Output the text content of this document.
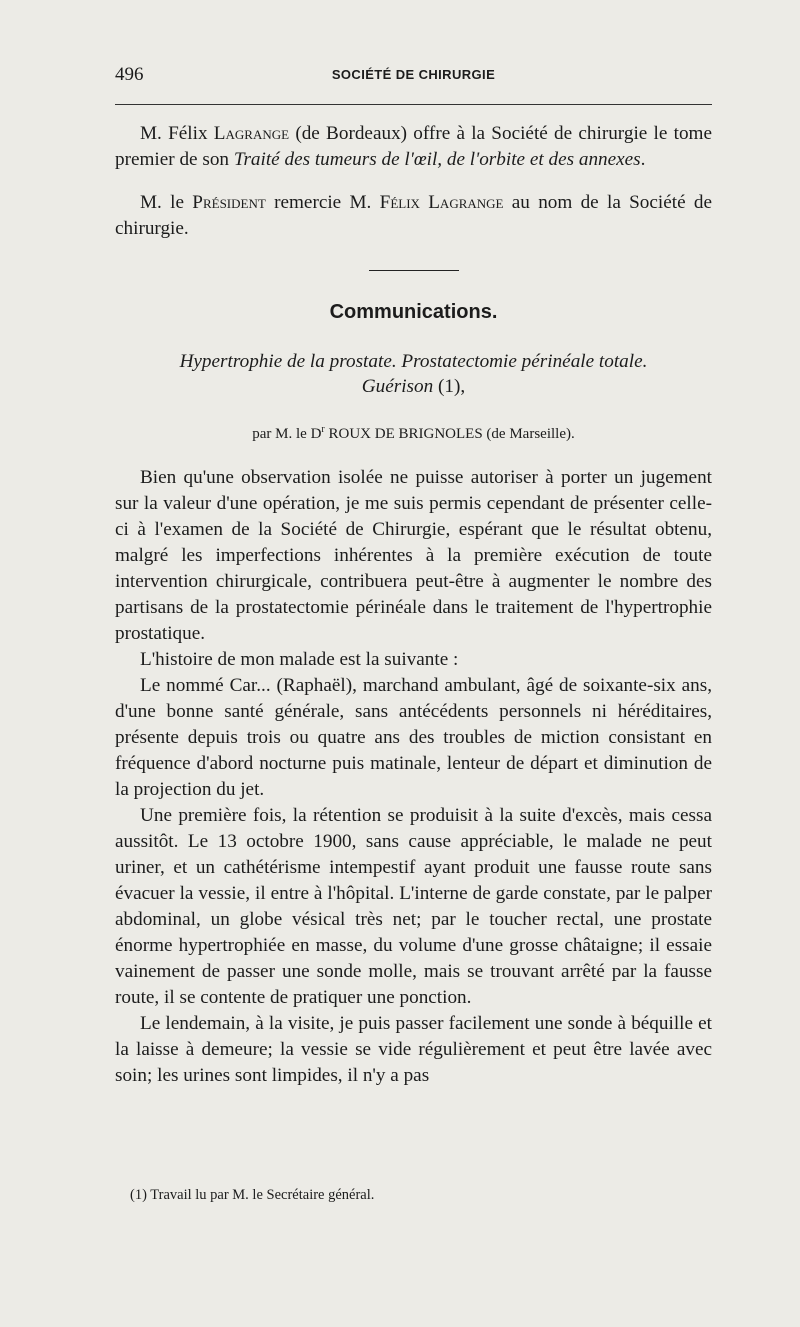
496	SOCIÉTÉ DE CHIRURGIE

M. Félix Lagrange (de Bordeaux) offre à la Société de chirurgie le tome premier de son Traité des tumeurs de l'œil, de l'orbite et des annexes.

M. le Président remercie M. Félix Lagrange au nom de la Société de chirurgie.

Communications.

Hypertrophie de la prostate. Prostatectomie périnéale totale.
Guérison (1),

par M. le $D^r$ ROUX DE BRIGNOLES (de Marseille).

Bien qu'une observation isolée ne puisse autoriser à porter un jugement sur la valeur d'une opération, je me suis permis cependant de présenter celle-ci à l'examen de la Société de Chirurgie, espérant que le résultat obtenu, malgré les imperfections inhérentes à la première exécution de toute intervention chirurgicale, contribuera peut-être à augmenter le nombre des partisans de la prostatectomie périnéale dans le traitement de l'hypertrophie prostatique.

L'histoire de mon malade est la suivante :

Le nommé Car... (Raphaël), marchand ambulant, âgé de soixante-six ans, d'une bonne santé générale, sans antécédents personnels ni héréditaires, présente depuis trois ou quatre ans des troubles de miction consistant en fréquence d'abord nocturne puis matinale, lenteur de départ et diminution de la projection du jet.

Une première fois, la rétention se produisit à la suite d'excès, mais cessa aussitôt. Le 13 octobre 1900, sans cause appréciable, le malade ne peut uriner, et un cathétérisme intempestif ayant produit une fausse route sans évacuer la vessie, il entre à l'hôpital. L'interne de garde constate, par le palper abdominal, un globe vésical très net; par le toucher rectal, une prostate énorme hypertrophiée en masse, du volume d'une grosse châtaigne; il essaie vainement de passer une sonde molle, mais se trouvant arrêté par la fausse route, il se contente de pratiquer une ponction.

Le lendemain, à la visite, je puis passer facilement une sonde à béquille et la laisse à demeure; la vessie se vide régulièrement et peut être lavée avec soin; les urines sont limpides, il n'y a pas

(1) Travail lu par M. le Secrétaire général.
